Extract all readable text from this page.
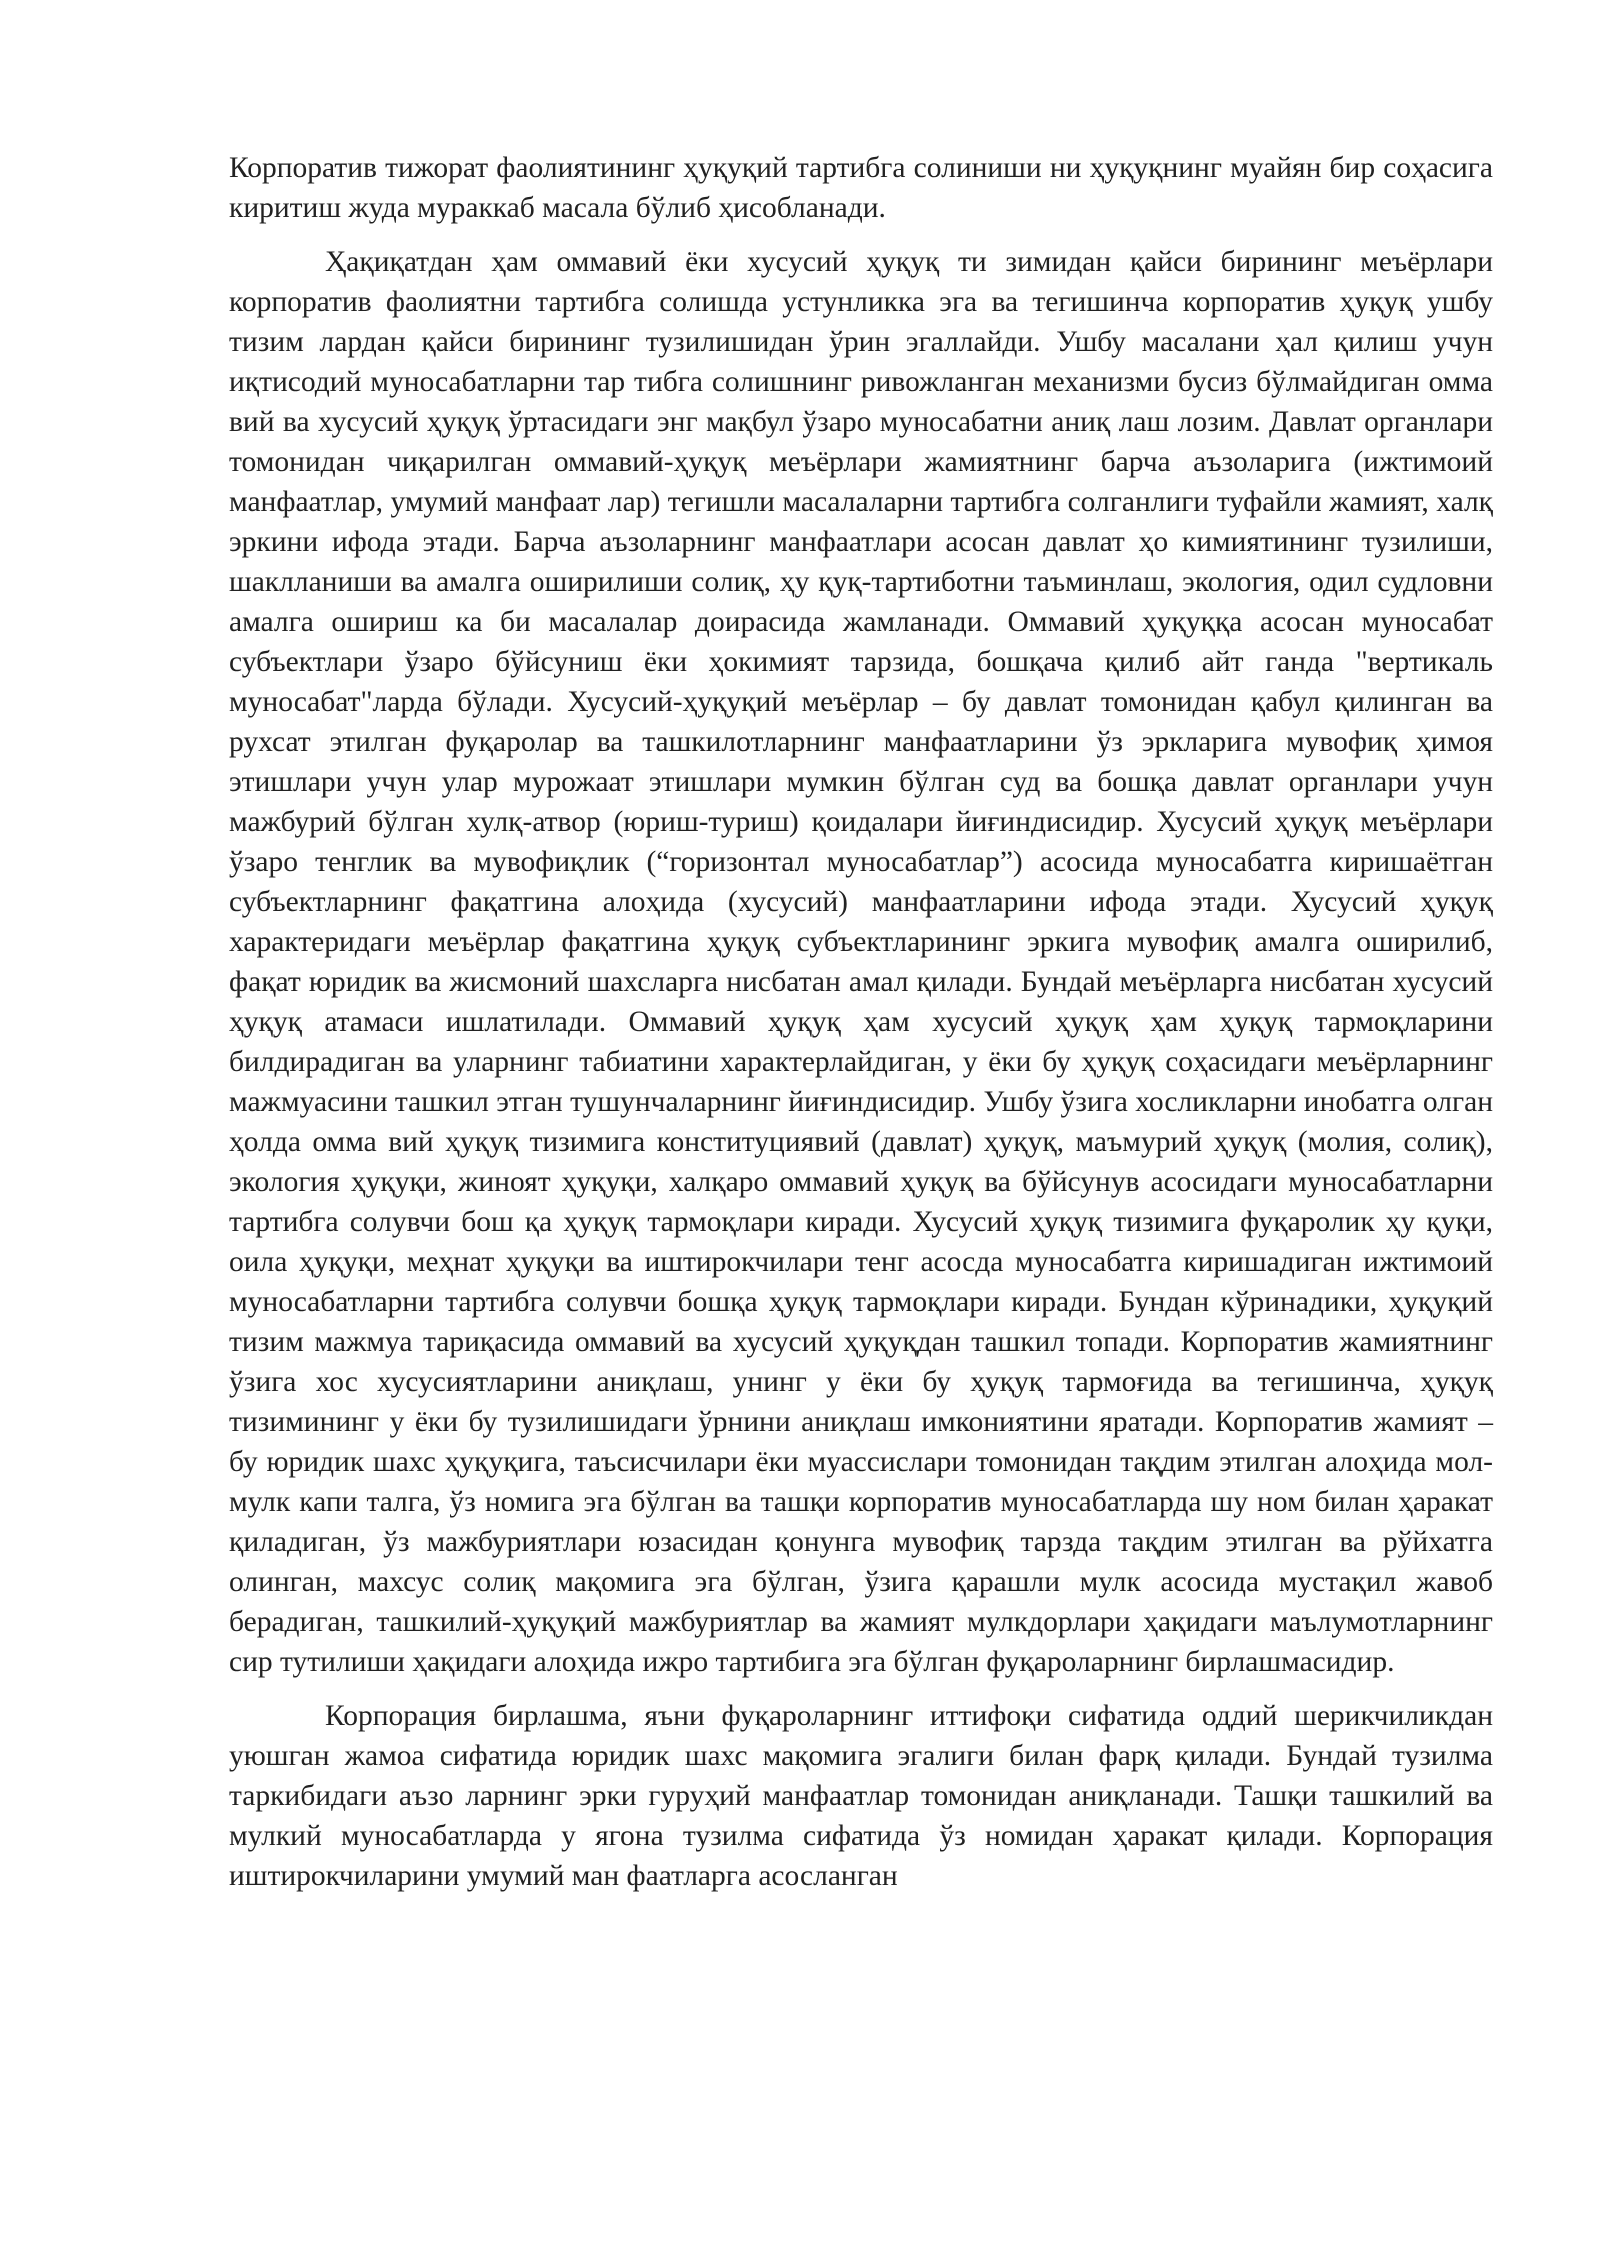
Корпоратив тижорат фаолиятининг ҳуқуқий тартибга солиниши ни ҳуқуқнинг муайян бир соҳасига киритиш жуда мураккаб масала бўлиб ҳисобланади.

Ҳақиқатдан ҳам оммавий ёки хусусий ҳуқуқ ти зимидан қайси бирининг меъёрлари корпоратив фаолиятни тартибга солишда устунликка эга ва тегишинча корпоратив ҳуқуқ ушбу тизим лардан қайси бирининг тузилишидан ўрин эгаллайди. Ушбу масалани ҳал қилиш учун иқтисодий муносабатларни тар тибга солишнинг ривожланган механизми бусиз бўлмайдиган омма вий ва хусусий ҳуқуқ ўртасидаги энг мақбул ўзаро муносабатни аниқ лаш лозим. Давлат органлари томонидан чиқарилган оммавий-ҳуқуқ меъёрлари жамиятнинг барча аъзоларига (ижтимоий манфаатлар, умумий манфаат лар) тегишли масалаларни тартибга солганлиги туфайли жамият, халқ эркини ифода этади. Барча аъзоларнинг манфаатлари асосан давлат ҳо кимиятининг тузилиши, шаклланиши ва амалга оширилиши солиқ, ҳу қуқ-тартиботни таъминлаш, экология, одил судловни амалга ошириш ка би масалалар доирасида жамланади. Оммавий ҳуқуққа асосан муносабат субъектлари ўзаро бўйсуниш ёки ҳокимият тарзида, бошқача қилиб айт ганда "вертикаль муносабат"ларда бўлади. Хусусий-ҳуқуқий меъёрлар – бу давлат томонидан қабул қилинган ва рухсат этилган фуқаролар ва ташкилотларнинг манфаатларини ўз эркларига мувофиқ ҳимоя этишлари учун улар мурожаат этишлари мумкин бўлган суд ва бошқа давлат органлари учун мажбурий бўлган хулқ-атвор (юриш-туриш) қоидалари йиғиндисидир. Хусусий ҳуқуқ меъёрлари ўзаро тенглик ва мувофиқлик (“горизонтал муносабатлар”) асосида муносабатга киришаётган субъектларнинг фақатгина алоҳида (хусусий) манфаатларини ифода этади. Хусусий ҳуқуқ характеридаги меъёрлар фақатгина ҳуқуқ субъектларининг эркига мувофиқ амалга оширилиб, фақат юридик ва жисмоний шахсларга нисбатан амал қилади. Бундай меъёрларга нисбатан хусусий ҳуқуқ атамаси ишлатилади. Оммавий ҳуқуқ ҳам хусусий ҳуқуқ ҳам ҳуқуқ тармоқларини билдирадиган ва уларнинг табиатини характерлайдиган, у ёки бу ҳуқуқ соҳасидаги меъёрларнинг мажмуасини ташкил этган тушунчаларнинг йиғиндисидир. Ушбу ўзига хосликларни инобатга олган ҳолда омма вий ҳуқуқ тизимига конституциявий (давлат) ҳуқуқ, маъмурий ҳуқуқ (молия, солиқ), экология ҳуқуқи, жиноят ҳуқуқи, халқаро оммавий ҳуқуқ ва бўйсунув асосидаги муносабатларни тартибга солувчи бош қа ҳуқуқ тармоқлари киради. Хусусий ҳуқуқ тизимига фуқаролик ҳу қуқи, оила ҳуқуқи, меҳнат ҳуқуқи ва иштирокчилари тенг асосда муносабатга киришадиган ижтимоий муносабатларни тартибга солувчи бошқа ҳуқуқ тармоқлари киради. Бундан кўринадики, ҳуқуқий тизим мажмуа тариқасида оммавий ва хусусий ҳуқуқдан ташкил топади. Корпоратив жамиятнинг ўзига хос хусусиятларини аниқлаш, унинг у ёки бу ҳуқуқ тармоғида ва тегишинча, ҳуқуқ тизимининг у ёки бу тузилишидаги ўрнини аниқлаш имкониятини яратади. Корпоратив жамият – бу юридик шахс ҳуқуқига, таъсисчилари ёки муассислари томонидан тақдим этилган алоҳида мол-мулк капи талга, ўз номига эга бўлган ва ташқи корпоратив муносабатларда шу ном билан ҳаракат қиладиган, ўз мажбуриятлари юзасидан қонунга мувофиқ тарзда тақдим этилган ва рўйхатга олинган, махсус солиқ мақомига эга бўлган, ўзига қарашли мулк асосида мустақил жавоб берадиган, ташкилий-ҳуқуқий мажбуриятлар ва жамият мулкдорлари ҳақидаги маълумотларнинг сир тутилиши ҳақидаги алоҳида ижро тартибига эга бўлган фуқароларнинг бирлашмасидир.

Корпорация бирлашма, яъни фуқароларнинг иттифоқи сифатида оддий шерикчиликдан уюшган жамоа сифатида юридик шахс мақомига эгалиги билан фарқ қилади. Бундай тузилма таркибидаги аъзо ларнинг эрки гуруҳий манфаатлар томонидан аниқланади. Ташқи ташкилий ва мулкий муносабатларда у ягона тузилма сифатида ўз номидан ҳаракат қилади. Корпорация иштирокчиларини умумий ман фаатларга асосланган
